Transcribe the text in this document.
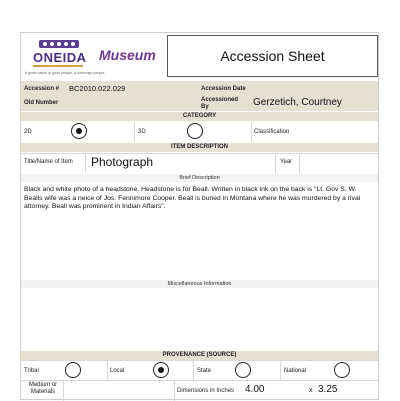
ONEIDA
A great nation of good people. A sovereign people.
Museum	Accession Sheet
Accession # BC2010.022.029	Accession Date
Old Number	Accessioned By	Gerzetich, Courtney
CATEGORY
2D	3D	Classification
ITEM DESCRIPTION
Title/Name of Item Photograph	Year
Brief Description
Black and white photo of a headstone. Headstone is for Beall. Written in black ink on the back is "Lt. Gov S. W. Bealls wife was a neice of Jos. Fennimore Cooper. Beall is buried in Montana where he was murdered by a rival attorney. Beall was prominent in Indian Affairs".
Miscellaneous Information
PROVENANCE (SOURCE)
Tribal	Local	State	National
Medium or Materials	Dimensions in Inches 4.00	x 3.25
